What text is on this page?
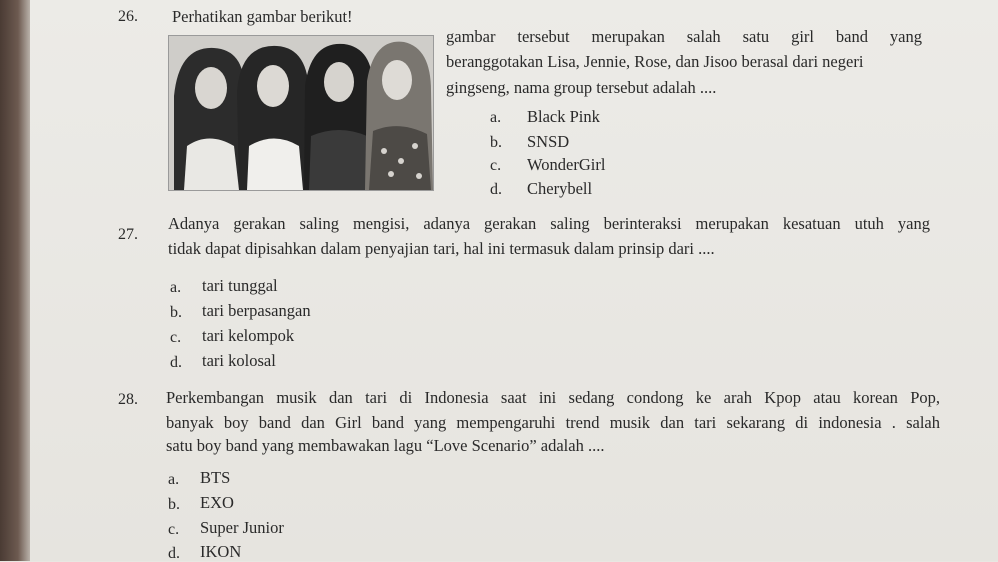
26. Perhatikan gambar berikut!
gambar tersebut merupakan salah satu girl band yang
beranggotakan Lisa, Jennie, Rose, dan Jisoo berasal dari negeri
gingseng, nama group tersebut adalah ....
a. Black Pink
b. SNSD
c. WonderGirl
d. Cherybell
27.
Adanya gerakan saling mengisi, adanya gerakan saling berinteraksi merupakan kesatuan utuh yang
tidak dapat dipisahkan dalam penyajian tari, hal ini termasuk dalam prinsip dari ....
a. tari tunggal
b. tari berpasangan
c. tari kelompok
d. tari kolosal
28. Perkembangan musik dan tari di Indonesia saat ini sedang condong ke arah Kpop atau korean Pop,
banyak boy band dan Girl band yang mempengaruhi trend musik dan tari sekarang di indonesia . salah
satu boy band yang membawakan lagu “Love Scenario” adalah ....
a. BTS
b. EXO
c. Super Junior
d. IKON
